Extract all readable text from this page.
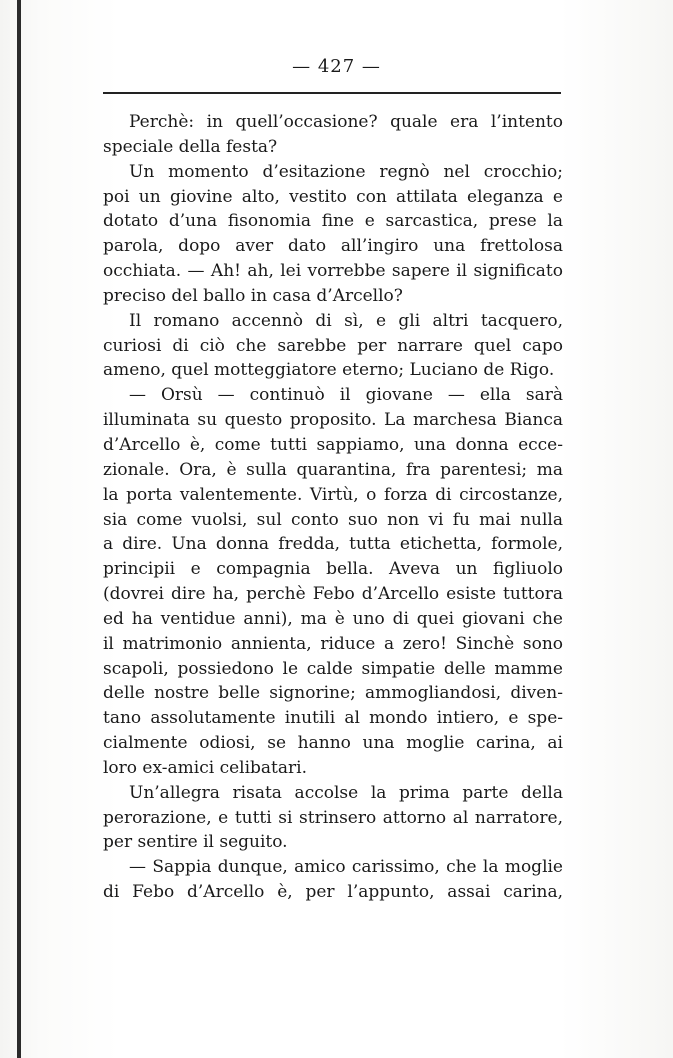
— 427 —
Perchè: in quell’occasione? quale era l’intento
speciale della festa?
Un momento d’esitazione regnò nel crocchio;
poi un giovine alto, vestito con attilata eleganza e
dotato d’una fisonomia fine e sarcastica, prese la
parola, dopo aver dato all’ingiro una frettolosa
occhiata. — Ah! ah, lei vorrebbe sapere il significato
preciso del ballo in casa d’Arcello?
Il romano accennò di sì, e gli altri tacquero,
curiosi di ciò che sarebbe per narrare quel capo
ameno, quel motteggiatore eterno; Luciano de Rigo.
— Orsù — continuò il giovane — ella sarà
illuminata su questo proposito. La marchesa Bianca
d’Arcello è, come tutti sappiamo, una donna ecce-
zionale. Ora, è sulla quarantina, fra parentesi; ma
la porta valentemente. Virtù, o forza di circostanze,
sia come vuolsi, sul conto suo non vi fu mai nulla
a dire. Una donna fredda, tutta etichetta, formole,
principii e compagnia bella. Aveva un figliuolo
(dovrei dire ha, perchè Febo d’Arcello esiste tuttora
ed ha ventidue anni), ma è uno di quei giovani che
il matrimonio annienta, riduce a zero! Sinchè sono
scapoli, possiedono le calde simpatie delle mamme
delle nostre belle signorine; ammogliandosi, diven-
tano assolutamente inutili al mondo intiero, e spe-
cialmente odiosi, se hanno una moglie carina, ai
loro ex-amici celibatari.
Un’allegra risata accolse la prima parte della
perorazione, e tutti si strinsero attorno al narratore,
per sentire il seguito.
— Sappia dunque, amico carissimo, che la moglie
di Febo d’Arcello è, per l’appunto, assai carina,
